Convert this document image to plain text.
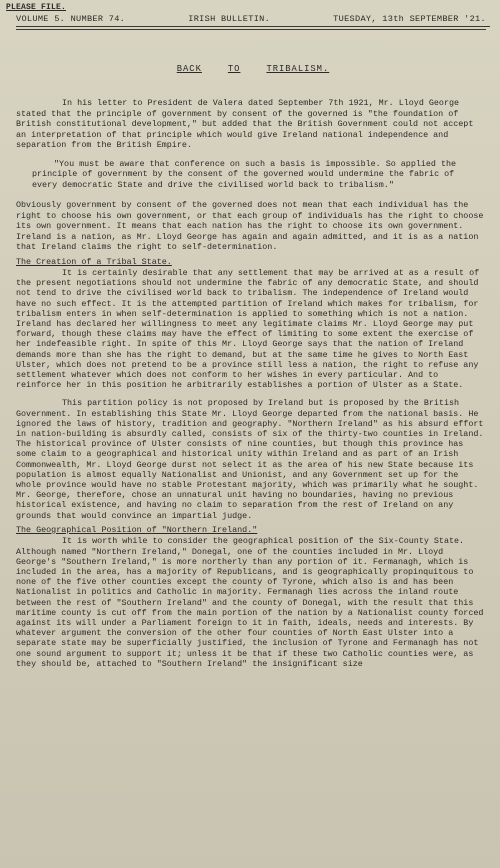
PLEASE FILE.
VOLUME 5. NUMBER 74.	IRISH BULLETIN.	TUESDAY, 13th SEPTEMBER '21.
BACK	TO	TRIBALISM.

In his letter to President de Valera dated September 7th 1921, Mr. Lloyd George stated that the principle of government by consent of the governed is "the foundation of British constitutional development," but added that the British Government could not accept an interpretation of that principle which would give Ireland national independence and separation from the British Empire.

"You must be aware that conference on such a basis is impossible. So applied the principle of government by the consent of the governed would undermine the fabric of every democratic State and drive the civilised world back to tribalism."

Obviously government by consent of the governed does not mean that each individual has the right to choose his own government, or that each group of individuals has the right to choose its own government. It means that each nation has the right to choose its own government. Ireland is a nation, as Mr. Lloyd George has again and again admitted, and it is as a nation that Ireland claims the right to self-determination.

The Creation of a Tribal State.

It is certainly desirable that any settlement that may be arrived at as a result of the present negotiations should not undermine the fabric of any democratic State, and should not tend to drive the civilised world back to tribalism. The independence of Ireland would have no such effect. It is the attempted partition of Ireland which makes for tribalism, for tribalism enters in when self-determination is applied to something which is not a nation. Ireland has declared her willingness to meet any legitimate claims Mr. Lloyd George may put forward, though these claims may have the effect of limiting to some extent the exercise of her indefeasible right. In spite of this Mr. Lloyd George says that the nation of Ireland demands more than she has the right to demand, but at the same time he gives to North East Ulster, which does not pretend to be a province still less a nation, the right to refuse any settlement whatever which does not conform to her wishes in every particular. And to reinforce her in this position he arbitrarily establishes a portion of Ulster as a State.

This partition policy is not proposed by Ireland but is proposed by the British Government. In establishing this State Mr. Lloyd George departed from the national basis. He ignored the laws of history, tradition and geography. "Northern Ireland" as his absurd effort in nation-building is absurdly called, consists of six of the thirty-two counties in Ireland. The historical province of Ulster consists of nine counties, but though this province has some claim to a geographical and historical unity within Ireland and as part of an Irish Commonwealth, Mr. Lloyd George durst not select it as the area of his new State because its population is almost equally Nationalist and Unionist, and any Government set up for the whole province would have no stable Protestant majority, which was primarily what he sought. Mr. George, therefore, chose an unnatural unit having no boundaries, having no previous historical existence, and having no claim to separation from the rest of Ireland on any grounds that would convince an impartial judge.

The Geographical Position of "Northern Ireland."

It is worth while to consider the geographical position of the Six-County State. Although named "Northern Ireland," Donegal, one of the counties included in Mr. Lloyd George's "Southern Ireland," is more northerly than any portion of it. Fermanagh, which is included in the area, has a majority of Republicans, and is geographically propinquitous to none of the five other counties except the county of Tyrone, which also is and has been Nationalist in politics and Catholic in majority. Fermanagh lies across the inland route between the rest of "Southern Ireland" and the county of Donegal, with the result that this maritime county is cut off from the main portion of the nation by a Nationalist county forced against its will under a Parliament foreign to it in faith, ideals, needs and interests. By whatever argument the conversion of the other four counties of North East Ulster into a separate state may be superficially justified, the inclusion of Tyrone and Fermanagh has not one sound argument to support it; unless it be that if these two Catholic counties were, as they should be, attached to "Southern Ireland" the insignificant size
